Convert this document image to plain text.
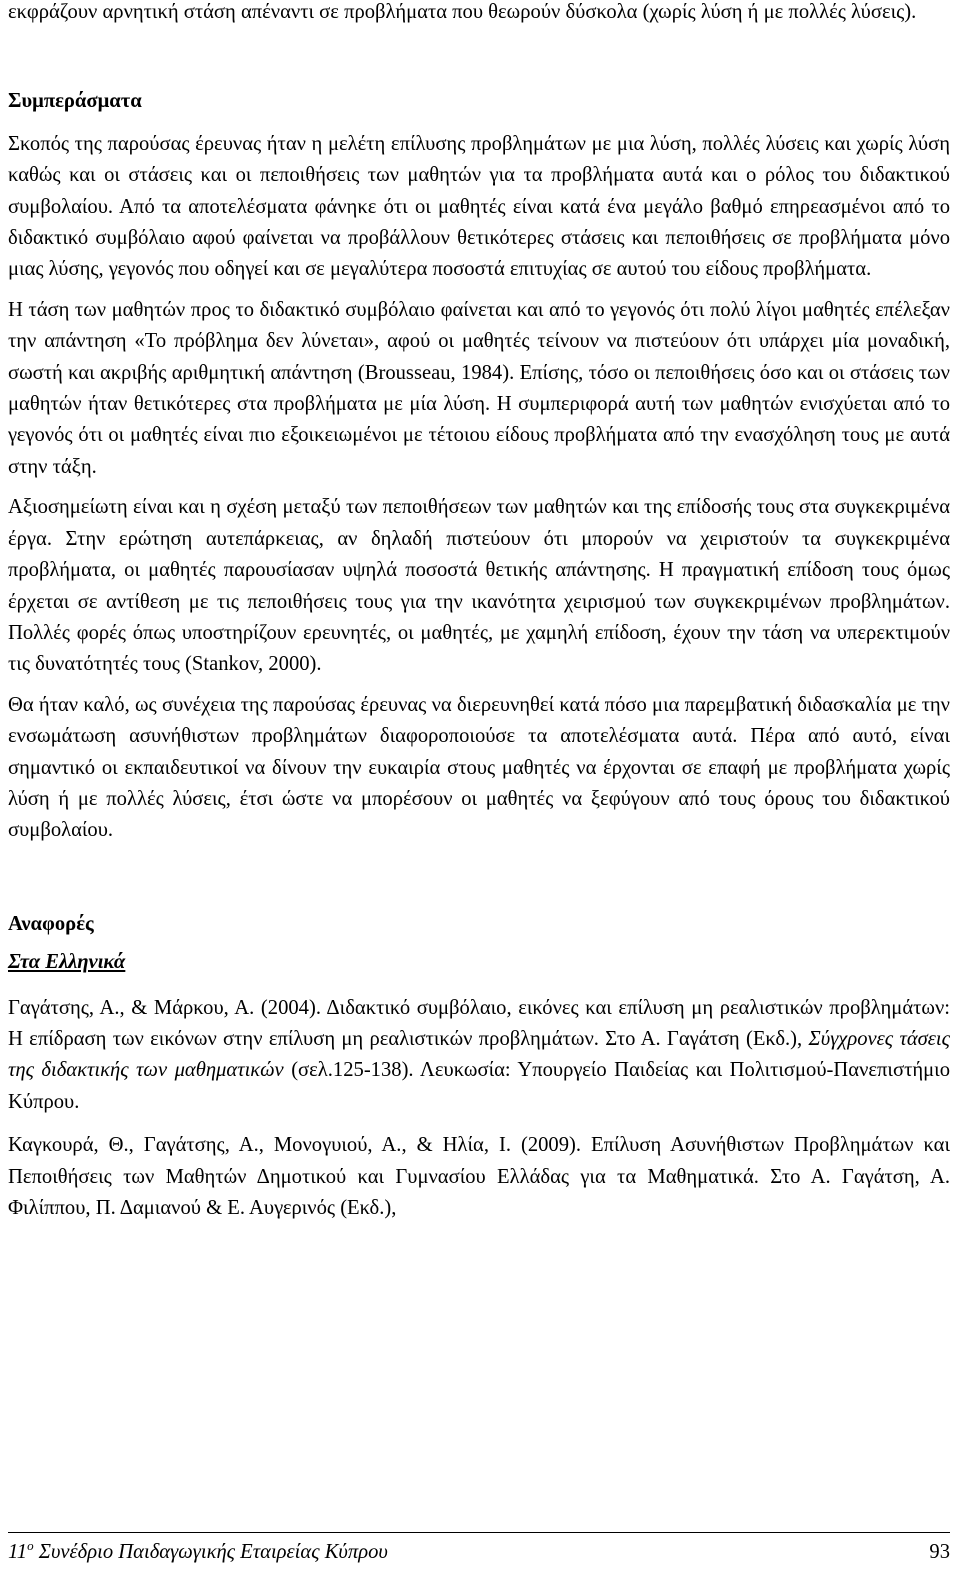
εκφράζουν αρνητική στάση απέναντι σε προβλήματα που θεωρούν δύσκολα (χωρίς λύση ή με πολλές λύσεις).

Συμπεράσματα

Σκοπός της παρούσας έρευνας ήταν η μελέτη επίλυσης προβλημάτων με μια λύση, πολλές λύσεις και χωρίς λύση καθώς και οι στάσεις και οι πεποιθήσεις των μαθητών για τα προβλήματα αυτά και ο ρόλος του διδακτικού συμβολαίου. Από τα αποτελέσματα φάνηκε ότι οι μαθητές είναι κατά ένα μεγάλο βαθμό επηρεασμένοι από το διδακτικό συμβόλαιο αφού φαίνεται να προβάλλουν θετικότερες στάσεις και πεποιθήσεις σε προβλήματα μόνο μιας λύσης, γεγονός που οδηγεί και σε μεγαλύτερα ποσοστά επιτυχίας σε αυτού του είδους προβλήματα.

Η τάση των μαθητών προς το διδακτικό συμβόλαιο φαίνεται και από το γεγονός ότι πολύ λίγοι μαθητές επέλεξαν την απάντηση «Το πρόβλημα δεν λύνεται», αφού οι μαθητές τείνουν να πιστεύουν ότι υπάρχει μία μοναδική, σωστή και ακριβής αριθμητική απάντηση (Brousseau, 1984). Επίσης, τόσο οι πεποιθήσεις όσο και οι στάσεις των μαθητών ήταν θετικότερες στα προβλήματα με μία λύση. Η συμπεριφορά αυτή των μαθητών ενισχύεται από το γεγονός ότι οι μαθητές είναι πιο εξοικειωμένοι με τέτοιου είδους προβλήματα από την ενασχόληση τους με αυτά στην τάξη.

Αξιοσημείωτη είναι και η σχέση μεταξύ των πεποιθήσεων των μαθητών και της επίδοσής τους στα συγκεκριμένα έργα. Στην ερώτηση αυτεπάρκειας, αν δηλαδή πιστεύουν ότι μπορούν να χειριστούν τα συγκεκριμένα προβλήματα, οι μαθητές παρουσίασαν υψηλά ποσοστά θετικής απάντησης. Η πραγματική επίδοση τους όμως έρχεται σε αντίθεση με τις πεποιθήσεις τους για την ικανότητα χειρισμού των συγκεκριμένων προβλημάτων. Πολλές φορές όπως υποστηρίζουν ερευνητές, οι μαθητές, με χαμηλή επίδοση, έχουν την τάση να υπερεκτιμούν τις δυνατότητές τους (Stankov, 2000).

Θα ήταν καλό, ως συνέχεια της παρούσας έρευνας να διερευνηθεί κατά πόσο μια παρεμβατική διδασκαλία με την ενσωμάτωση ασυνήθιστων προβλημάτων διαφοροποιούσε τα αποτελέσματα αυτά. Πέρα από αυτό, είναι σημαντικό οι εκπαιδευτικοί να δίνουν την ευκαιρία στους μαθητές να έρχονται σε επαφή με προβλήματα χωρίς λύση ή με πολλές λύσεις, έτσι ώστε να μπορέσουν οι μαθητές να ξεφύγουν από τους όρους του διδακτικού συμβολαίου.

Αναφορές
Στα Ελληνικά

Γαγάτσης, Α., & Μάρκου, Α. (2004). Διδακτικό συμβόλαιο, εικόνες και επίλυση μη ρεαλιστικών προβλημάτων: Η επίδραση των εικόνων στην επίλυση μη ρεαλιστικών προβλημάτων. Στο Α. Γαγάτση (Εκδ.), Σύγχρονες τάσεις της διδακτικής των μαθηματικών (σελ.125-138). Λευκωσία: Υπουργείο Παιδείας και Πολιτισμού-Πανεπιστήμιο Κύπρου.

Καγκουρά, Θ., Γαγάτσης, Α., Μονογυιού, Α., & Ηλία, Ι. (2009). Επίλυση Ασυνήθιστων Προβλημάτων και Πεποιθήσεις των Μαθητών Δημοτικού και Γυμνασίου Ελλάδας για τα Μαθηματικά. Στο Α. Γαγάτση, Α. Φιλίππου, Π. Δαμιανού & Ε. Αυγερινός (Εκδ.),

$11^o$ Συνέδριο Παιδαγωγικής Εταιρείας Κύπρου	93
